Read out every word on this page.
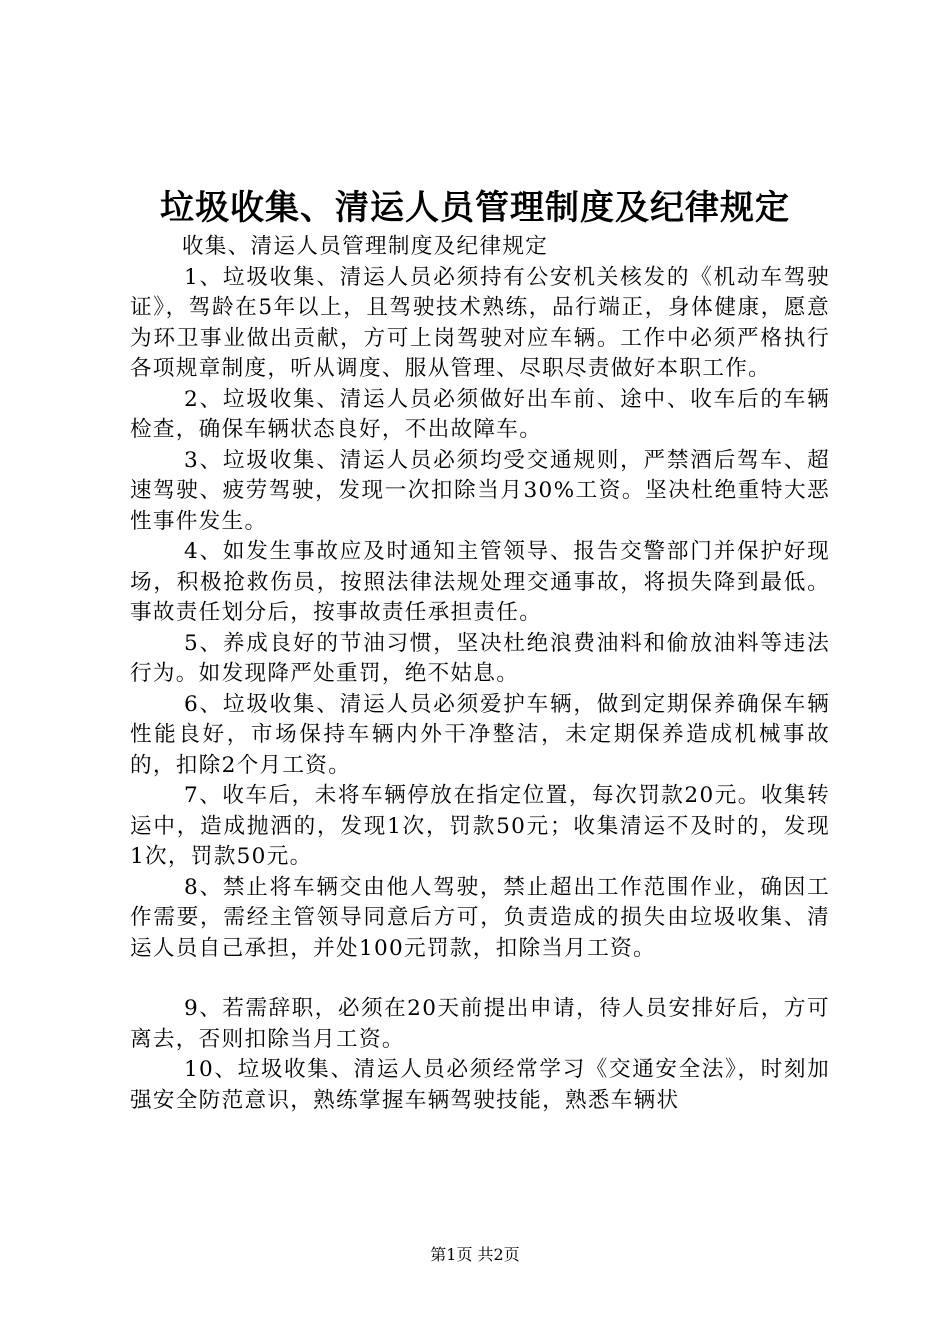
垃圾收集、清运人员管理制度及纪律规定

收集、清运人员管理制度及纪律规定

1、垃圾收集、清运人员必须持有公安机关核发的《机动车驾驶证》，驾龄在5年以上，且驾驶技术熟练，品行端正，身体健康，愿意为环卫事业做出贡献，方可上岗驾驶对应车辆。工作中必须严格执行各项规章制度，听从调度、服从管理、尽职尽责做好本职工作。

2、垃圾收集、清运人员必须做好出车前、途中、收车后的车辆检查，确保车辆状态良好，不出故障车。

3、垃圾收集、清运人员必须均受交通规则，严禁酒后驾车、超速驾驶、疲劳驾驶，发现一次扣除当月30%工资。坚决杜绝重特大恶性事件发生。

4、如发生事故应及时通知主管领导、报告交警部门并保护好现场，积极抢救伤员，按照法律法规处理交通事故，将损失降到最低。事故责任划分后，按事故责任承担责任。

5、养成良好的节油习惯，坚决杜绝浪费油料和偷放油料等违法行为。如发现降严处重罚，绝不姑息。

6、垃圾收集、清运人员必须爱护车辆，做到定期保养确保车辆性能良好，市场保持车辆内外干净整洁，未定期保养造成机械事故的，扣除2个月工资。

7、收车后，未将车辆停放在指定位置，每次罚款20元。收集转运中，造成抛洒的，发现1次，罚款50元；收集清运不及时的，发现1次，罚款50元。

8、禁止将车辆交由他人驾驶，禁止超出工作范围作业，确因工作需要，需经主管领导同意后方可，负责造成的损失由垃圾收集、清运人员自己承担，并处100元罚款，扣除当月工资。

9、若需辞职，必须在20天前提出申请，待人员安排好后，方可离去，否则扣除当月工资。

10、垃圾收集、清运人员必须经常学习《交通安全法》，时刻加强安全防范意识，熟练掌握车辆驾驶技能，熟悉车辆状

第1页 共2页
